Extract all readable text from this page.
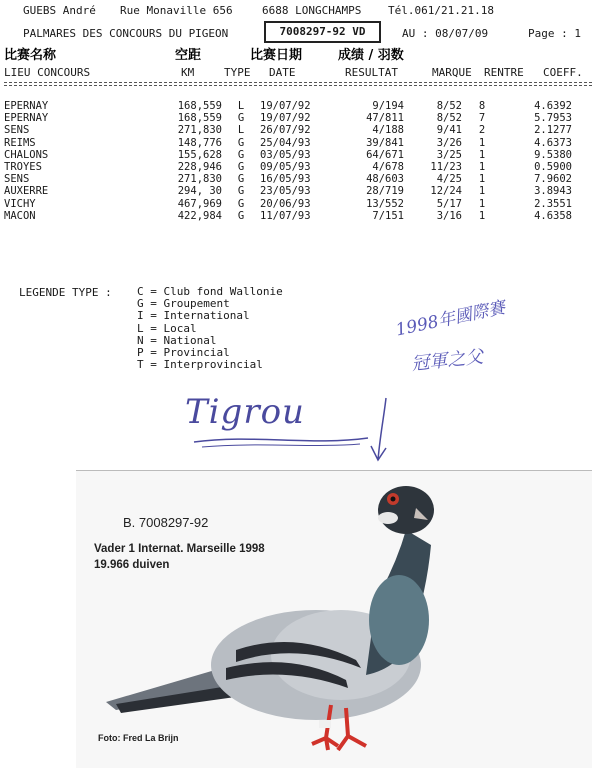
GUEBS André Rue Monaville 656	6688 LONGCHAMPS Tél.061/21.21.18
PALMARES DES CONCOURS DU PIGEON	7008297-92 VD	AU : 08/07/09	Page : 1
比赛名称	空距	比赛日期	成绩 / 羽数
LIEU CONCOURS	KM	TYPE DATE	RESULTAT	MARQUE RENTRE COEFF.
EPERNAY	168,559	L	19/07/92	9/194	8/52	8	4.6392
EPERNAY	168,559	G	19/07/92	47/811	8/52	7	5.7953
SENS	271,830	L	26/07/92	4/188	9/41	2	2.1277
REIMS	148,776	G	25/04/93	39/841	3/26	1	4.6373
CHALONS	155,628	G	03/05/93	64/671	3/25	1	9.5380
TROYES	228,946	G	09/05/93	4/678	11/23	1	0.5900
SENS	271,830	G	16/05/93	48/603	4/25	1	7.9602
AUXERRE	294, 30	G	23/05/93	28/719	12/24	1	3.8943
VICHY	467,969	G	20/06/93	13/552	5/17	1	2.3551
MACON	422,984	G	11/07/93	7/151	3/16	1	4.6358
LEGENDE TYPE : C = Club fond Wallonie
G = Groupement
I = International
L = Local
N = National
P = Provincial
T = Interprovincial
1998年國際賽
冠軍之父
Tigrou
B. 7008297-92
Vader 1 Internat. Marseille 1998
19.966 duiven
Foto: Fred La Brijn
